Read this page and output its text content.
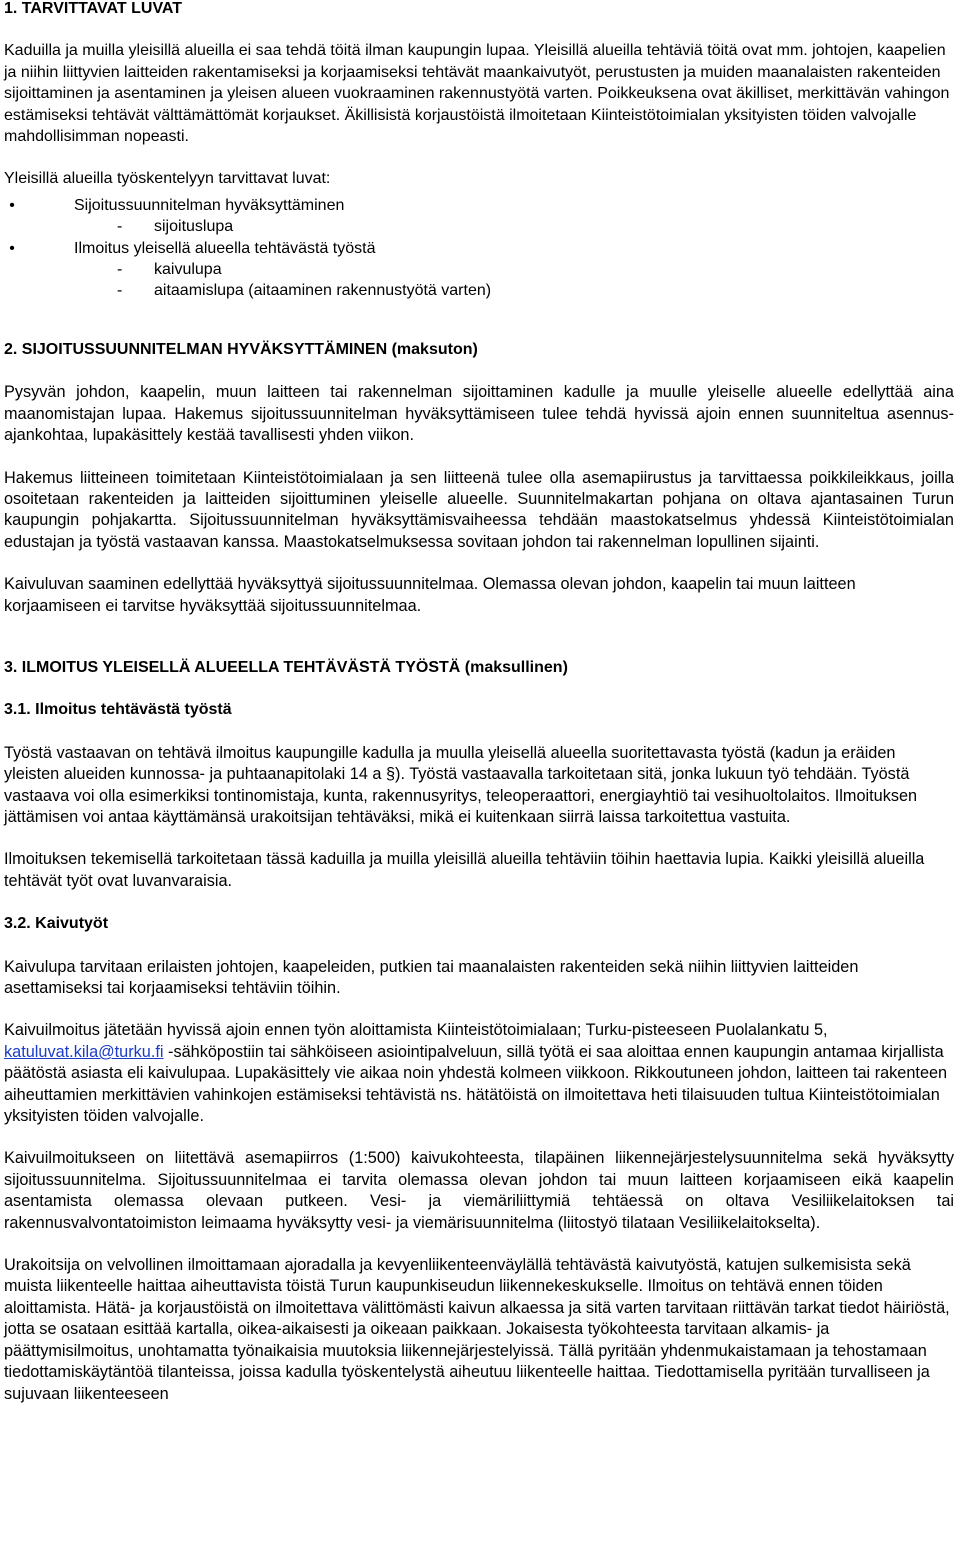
1. TARVITTAVAT LUVAT

Kaduilla ja muilla yleisillä alueilla ei saa tehdä töitä ilman kaupungin lupaa. Yleisillä alueilla tehtäviä töitä ovat mm. johtojen, kaapelien ja niihin liittyvien laitteiden rakentamiseksi ja korjaamiseksi tehtävät maankaivutyöt, perustusten ja muiden maanalaisten rakenteiden sijoittaminen ja asentaminen ja yleisen alueen vuokraaminen rakennustyötä varten. Poikkeuksena ovat äkilliset, merkittävän vahingon estämiseksi tehtävät välttämättömät korjaukset. Äkillisistä korjaustöistä ilmoitetaan Kiinteistötoimialan yksityisten töiden valvojalle mahdollisimman nopeasti.

Yleisillä alueilla työskentelyyn tarvittavat luvat:

•	Sijoitussuunnitelman hyväksyttäminen
- sijoituslupa
•	Ilmoitus yleisellä alueella tehtävästä työstä
- kaivulupa
- aitaamislupa (aitaaminen rakennustyötä varten)
2. SIJOITUSSUUNNITELMAN HYVÄKSYTTÄMINEN (maksuton)

Pysyvän johdon, kaapelin, muun laitteen tai rakennelman sijoittaminen kadulle ja muulle yleiselle alueelle edellyttää aina maanomistajan lupaa. Hakemus sijoitussuunnitelman hyväksyttämiseen tulee tehdä hyvissä ajoin ennen suunniteltua asennus-ajankohtaa, lupakäsittely kestää tavallisesti yhden viikon.

Hakemus liitteineen toimitetaan Kiinteistötoimialaan ja sen liitteenä tulee olla asemapiirustus ja tarvittaessa poikkileikkaus, joilla osoitetaan rakenteiden ja laitteiden sijoittuminen yleiselle alueelle. Suunnitelmakartan pohjana on oltava ajantasainen Turun kaupungin pohjakartta. Sijoitussuunnitelman hyväksyttämisvaiheessa tehdään maastokatselmus yhdessä Kiinteistötoimialan edustajan ja työstä vastaavan kanssa. Maastokatselmuksessa sovitaan johdon tai rakennelman lopullinen sijainti.

Kaivuluvan saaminen edellyttää hyväksyttyä sijoitussuunnitelmaa. Olemassa olevan johdon, kaapelin tai muun laitteen korjaamiseen ei tarvitse hyväksyttää sijoitussuunnitelmaa.

3. ILMOITUS YLEISELLÄ ALUEELLA TEHTÄVÄSTÄ TYÖSTÄ (maksullinen)
3.1. Ilmoitus tehtävästä työstä

Työstä vastaavan on tehtävä ilmoitus kaupungille kadulla ja muulla yleisellä alueella suoritettavasta työstä (kadun ja eräiden yleisten alueiden kunnossa- ja puhtaanapitolaki 14 a §). Työstä vastaavalla tarkoitetaan sitä, jonka lukuun työ tehdään. Työstä vastaava voi olla esimerkiksi tontinomistaja, kunta, rakennusyritys, teleoperaattori, energiayhtiö tai vesihuoltolaitos. Ilmoituksen jättämisen voi antaa käyttämänsä urakoitsijan tehtäväksi, mikä ei kuitenkaan siirrä laissa tarkoitettua vastuita.

Ilmoituksen tekemisellä tarkoitetaan tässä kaduilla ja muilla yleisillä alueilla tehtäviin töihin haettavia lupia. Kaikki yleisillä alueilla tehtävät työt ovat luvanvaraisia.

3.2. Kaivutyöt

Kaivulupa tarvitaan erilaisten johtojen, kaapeleiden, putkien tai maanalaisten rakenteiden sekä niihin liittyvien laitteiden asettamiseksi tai korjaamiseksi tehtäviin töihin.

Kaivuilmoitus jätetään hyvissä ajoin ennen työn aloittamista Kiinteistötoimialaan; Turku-pisteeseen Puolalankatu 5, katuluvat.kila@turku.fi -sähköpostiin tai sähköiseen asiointipalveluun, sillä työtä ei saa aloittaa ennen kaupungin antamaa kirjallista päätöstä asiasta eli kaivulupaa. Lupakäsittely vie aikaa noin yhdestä kolmeen viikkoon. Rikkoutuneen johdon, laitteen tai rakenteen aiheuttamien merkittävien vahinkojen estämiseksi tehtävistä ns. hätätöistä on ilmoitettava heti tilaisuuden tultua Kiinteistötoimialan yksityisten töiden valvojalle.

Kaivuilmoitukseen on liitettävä asemapiirros (1:500) kaivukohteesta, tilapäinen liikennejärjestelysuunnitelma sekä hyväksytty sijoitussuunnitelma. Sijoitussuunnitelmaa ei tarvita olemassa olevan johdon tai muun laitteen korjaamiseen eikä kaapelin asentamista olemassa olevaan putkeen. Vesi- ja viemäriliittymiä tehtäessä on oltava Vesiliikelaitoksen tai rakennusvalvontatoimiston leimaama hyväksytty vesi- ja viemärisuunnitelma (liitostyö tilataan Vesiliikelaitokselta).

Urakoitsija on velvollinen ilmoittamaan ajoradalla ja kevyenliikenteenväylällä tehtävästä kaivutyöstä, katujen sulkemisista sekä muista liikenteelle haittaa aiheuttavista töistä Turun kaupunkiseudun liikennekeskukselle. Ilmoitus on tehtävä ennen töiden aloittamista. Hätä- ja korjaustöistä on ilmoitettava välittömästi kaivun alkaessa ja sitä varten tarvitaan riittävän tarkat tiedot häiriöstä, jotta se osataan esittää kartalla, oikea-aikaisesti ja oikeaan paikkaan. Jokaisesta työkohteesta tarvitaan alkamis- ja päättymisilmoitus, unohtamatta työnaikaisia muutoksia liikennejärjestelyissä. Tällä pyritään yhdenmukaistamaan ja tehostamaan tiedottamiskäytäntöä tilanteissa, joissa kadulla työskentelystä aiheutuu liikenteelle haittaa. Tiedottamisella pyritään turvalliseen ja sujuvaan liikenteeseen
